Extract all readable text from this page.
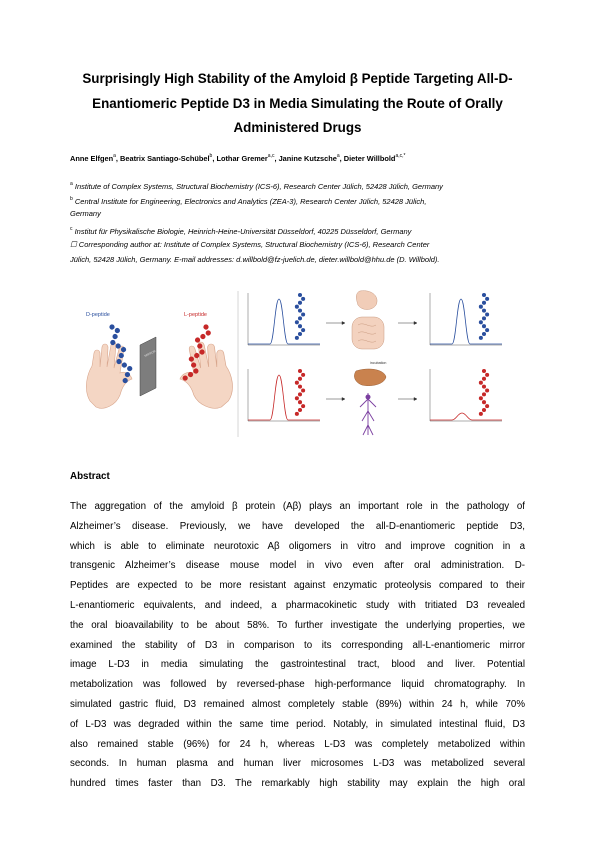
Surprisingly High Stability of the Amyloid β Peptide Targeting All-D-
Enantiomeric Peptide D3 in Media Simulating the Route of Orally
Administered Drugs
Anne Elfgen$^a$, Beatrix Santiago-Schübel$^b$, Lothar Gremer$^{a,c}$, Janine Kutzsche$^a$, Dieter Willbold$^{a,c,*}$
$^a$ Institute of Complex Systems, Structural Biochemistry (ICS-6), Research Center Jülich, 52428 Jülich, Germany
$^b$ Central Institute for Engineering, Electronics and Analytics (ZEA-3), Research Center Jülich, 52428 Jülich,
Germany
$^c$ Institut für Physikalische Biologie, Heinrich-Heine-Universität Düsseldorf, 40225 Düsseldorf, Germany
☐ Corresponding author at: Institute of Complex Systems, Structural Biochemistry (ICS-6), Research Center
Jülich, 52428 Jülich, Germany. E-mail addresses: d.willbold@fz-juelich.de, dieter.willbold@hhu.de (D. Willbold).
D-peptide	L-peptide
MIRROR
incubation
Abstract
The aggregation of the amyloid β protein (Aβ) plays an important role in the pathology of
Alzheimer’s disease. Previously, we have developed the all-D-enantiomeric peptide D3,
which is able to eliminate neurotoxic Aβ oligomers in vitro and improve cognition in a
transgenic Alzheimer’s disease mouse model in vivo even after oral administration. D-
Peptides are expected to be more resistant against enzymatic proteolysis compared to their
L-enantiomeric equivalents, and indeed, a pharmacokinetic study with tritiated D3 revealed
the oral bioavailability to be about 58%. To further investigate the underlying properties, we
examined the stability of D3 in comparison to its corresponding all-L-enantiomeric mirror
image L-D3 in media simulating the gastrointestinal tract, blood and liver. Potential
metabolization was followed by reversed-phase high-performance liquid chromatography. In
simulated gastric fluid, D3 remained almost completely stable (89%) within 24 h, while 70%
of L-D3 was degraded within the same time period. Notably, in simulated intestinal fluid, D3
also remained stable (96%) for 24 h, whereas L-D3 was completely metabolized within
seconds. In human plasma and human liver microsomes L-D3 was metabolized several
hundred times faster than D3. The remarkably high stability may explain the high oral
